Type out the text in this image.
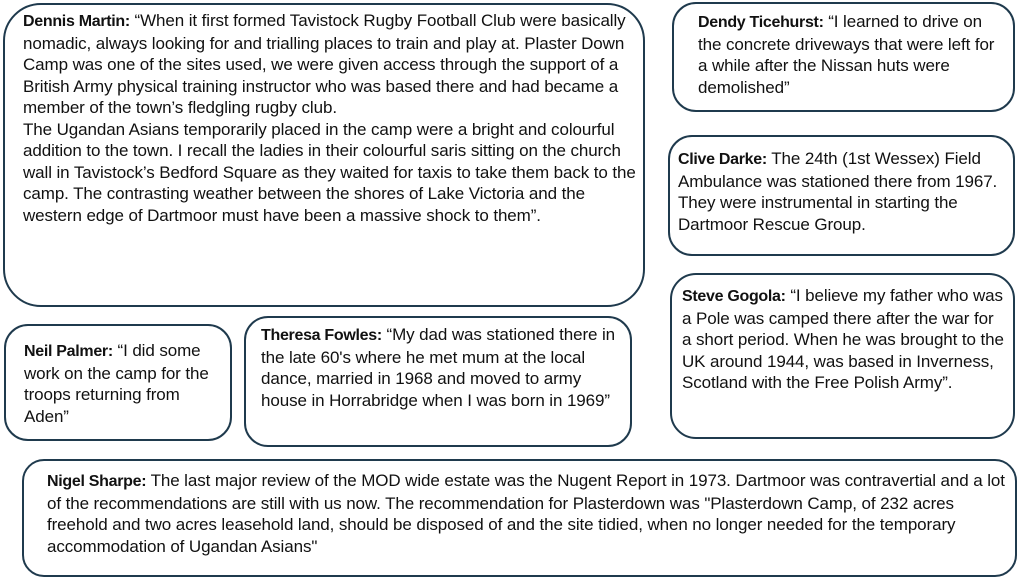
Dennis Martin: “When it first formed Tavistock Rugby Football Club were basically nomadic, always looking for and trialling places to train and play at. Plaster Down Camp was one of the sites used, we were given access through the support of a British Army physical training instructor who was based there and had became a member of the town’s fledgling rugby club.

The Ugandan Asians temporarily placed in the camp were a bright and colourful addition to the town. I recall the ladies in their colourful saris sitting on the church wall in Tavistock’s Bedford Square as they waited for taxis to take them back to the camp. The contrasting weather between the shores of Lake Victoria and the western edge of Dartmoor must have been a massive shock to them”.

Dendy Ticehurst: “I learned to drive on the concrete driveways that were left for a while after the Nissan huts were demolished”

Clive Darke: The 24th (1st Wessex) Field Ambulance was stationed there from 1967. They were instrumental in starting the Dartmoor Rescue Group.

Steve Gogola: “I believe my father who was a Pole was camped there after the war for a short period. When he was brought to the UK around 1944, was based in Inverness, Scotland with the Free Polish Army”.

Neil Palmer: “I did some work on the camp for the troops returning from Aden”

Theresa Fowles: “My dad was stationed there in the late 60's where he met mum at the local dance, married in 1968 and moved to army house in Horrabridge when I was born in 1969”

Nigel Sharpe: The last major review of the MOD wide estate was the Nugent Report in 1973. Dartmoor was contravertial and a lot of the recommendations are still with us now. The recommendation for Plasterdown was "Plasterdown Camp, of 232 acres freehold and two acres leasehold land, should be disposed of and the site tidied, when no longer needed for the temporary accommodation of Ugandan Asians"
